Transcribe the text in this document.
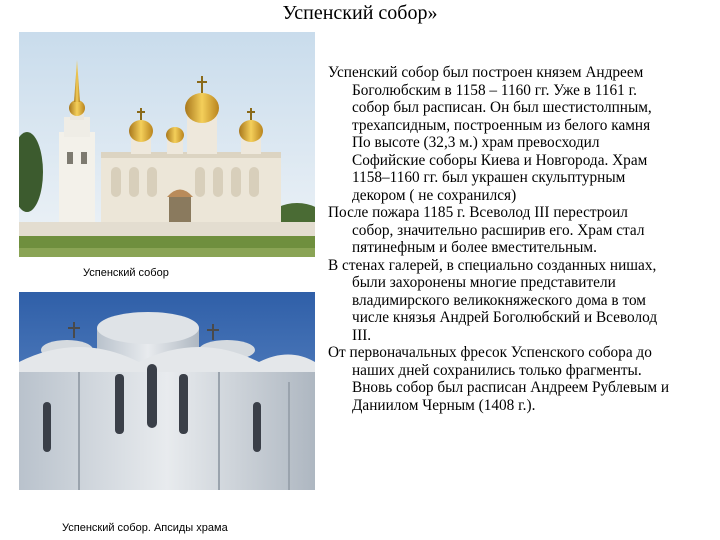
Успенский собор»
Успенский собор
Успенский собор. Апсиды храма
Успенский собор был построен князем Андреем
Боголюбским в 1158 – 1160 гг. Уже в 1161 г.
собор был расписан. Он был шестистолпным,
трехапсидным, построенным из белого камня
По высоте (32,3 м.) храм превосходил
Софийские соборы Киева и Новгорода. Храм
1158–1160 гг. был украшен скульптурным
декором ( не сохранился)
После пожара 1185 г. Всеволод III перестроил
собор, значительно расширив его. Храм стал
пятинефным и более вместительным.
В стенах галерей, в специально созданных нишах,
были захоронены многие представители
владимирского великокняжеского дома в том
числе князья Андрей Боголюбский и Всеволод
III.
От первоначальных фресок Успенского собора до
наших дней сохранились только фрагменты.
Вновь собор был расписан Андреем Рублевым и
Даниилом Черным (1408 г.).
